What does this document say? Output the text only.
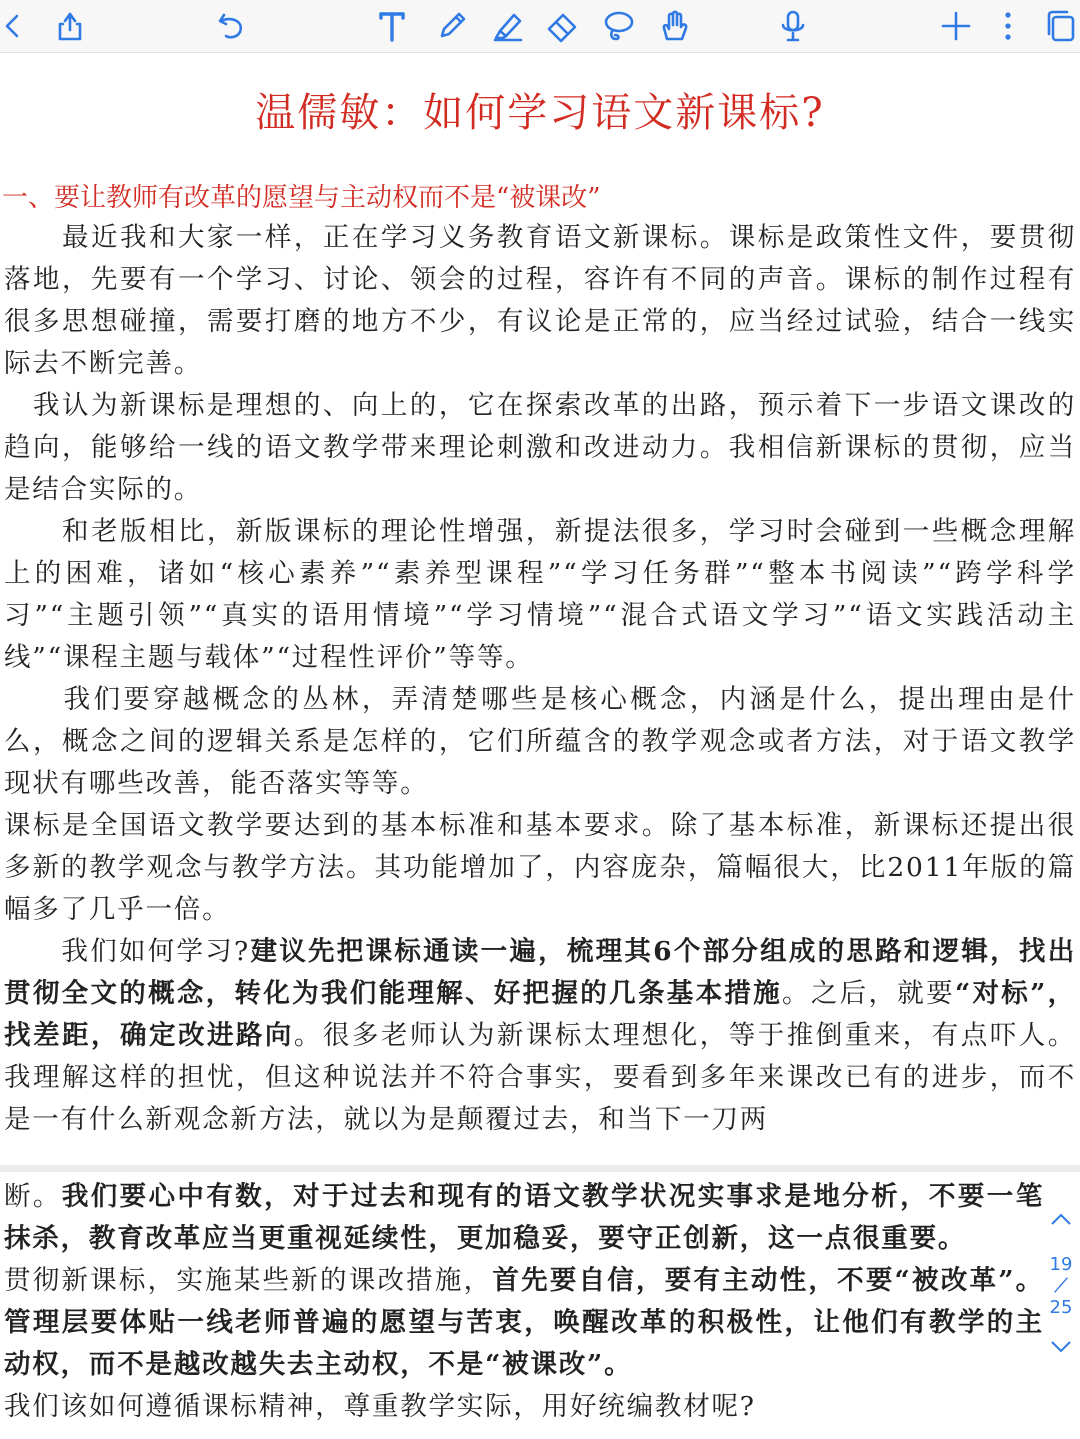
温儒敏：如何学习语文新课标?
一、要让教师有改革的愿望与主动权而不是“被课改”
　　最近我和大家一样，正在学习义务教育语文新课标。课标是政策性文件，要贯彻落地，先要有一个学习、讨论、领会的过程，容许有不同的声音。课标的制作过程有很多思想碰撞，需要打磨的地方不少，有议论是正常的，应当经过试验，结合一线实际去不断完善。
　我认为新课标是理想的、向上的，它在探索改革的出路，预示着下一步语文课改的趋向，能够给一线的语文教学带来理论刺激和改进动力。我相信新课标的贯彻，应当是结合实际的。
　　和老版相比，新版课标的理论性增强，新提法很多，学习时会碰到一些概念理解上的困难，诸如“核心素养”“素养型课程”“学习任务群”“整本书阅读”“跨学科学习”“主题引领”“真实的语用情境”“学习情境”“混合式语文学习”“语文实践活动主线”“课程主题与载体”“过程性评价”等等。
　　我们要穿越概念的丛林，弄清楚哪些是核心概念，内涵是什么，提出理由是什么，概念之间的逻辑关系是怎样的，它们所蕴含的教学观念或者方法，对于语文教学现状有哪些改善，能否落实等等。
课标是全国语文教学要达到的基本标准和基本要求。除了基本标准，新课标还提出很多新的教学观念与教学方法。其功能增加了，内容庞杂，篇幅很大，比2011年版的篇幅多了几乎一倍。
　　我们如何学习?建议先把课标通读一遍，梳理其6个部分组成的思路和逻辑，找出贯彻全文的概念，转化为我们能理解、好把握的几条基本措施。之后，就要“对标”，找差距，确定改进路向。很多老师认为新课标太理想化，等于推倒重来，有点吓人。我理解这样的担忧，但这种说法并不符合事实，要看到多年来课改已有的进步，而不是一有什么新观念新方法，就以为是颠覆过去，和当下一刀两
断。我们要心中有数，对于过去和现有的语文教学状况实事求是地分析，不要一笔抹杀，教育改革应当更重视延续性，更加稳妥，要守正创新，这一点很重要。
贯彻新课标，实施某些新的课改措施，首先要自信，要有主动性，不要“被改革”。管理层要体贴一线老师普遍的愿望与苦衷，唤醒改革的积极性，让他们有教学的主动权，而不是越改越失去主动权，不是“被课改”。
我们该如何遵循课标精神，尊重教学实际，用好统编教材呢?
19
25
